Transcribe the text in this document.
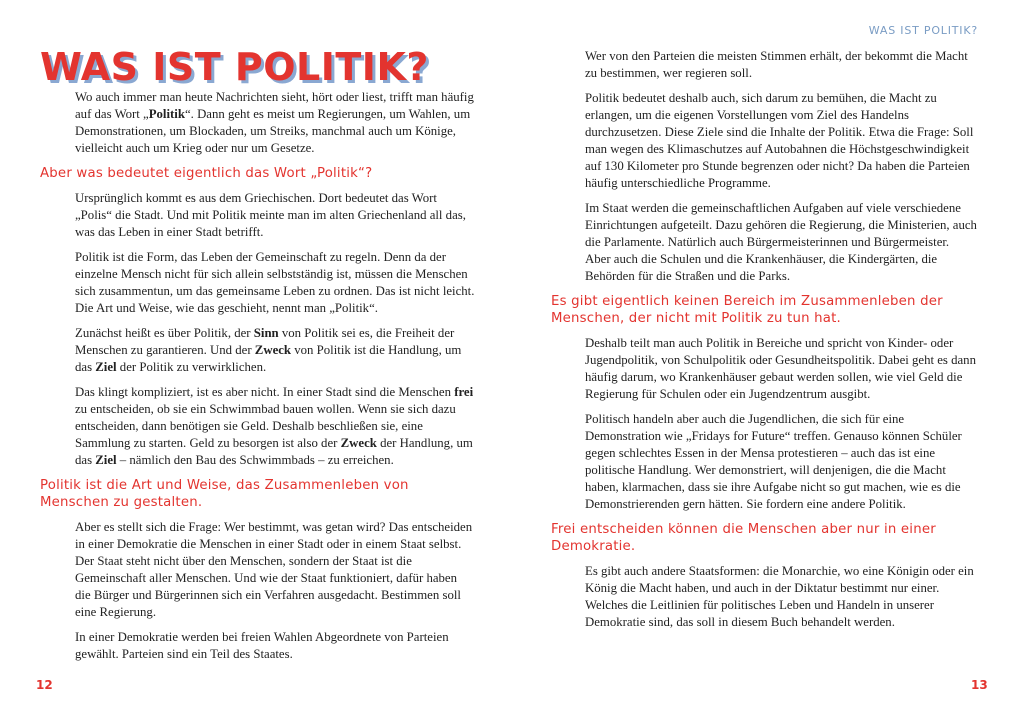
WAS IST POLITIK?

Wo auch immer man heute Nachrichten sieht, hört oder liest, trifft man häufig auf das Wort „Politik“. Dann geht es meist um Regierungen, um Wahlen, um Demonstrationen, um Blockaden, um Streiks, manchmal auch um Könige, vielleicht auch um Krieg oder nur um Gesetze.

Aber was bedeutet eigentlich das Wort „Politik“?

Ursprünglich kommt es aus dem Griechischen. Dort bedeutet das Wort „Polis“ die Stadt. Und mit Politik meinte man im alten Griechenland all das, was das Leben in einer Stadt betrifft.

Politik ist die Form, das Leben der Gemeinschaft zu regeln. Denn da der einzelne Mensch nicht für sich allein selbstständig ist, müssen die Menschen sich zusammentun, um das gemeinsame Leben zu ordnen. Das ist nicht leicht. Die Art und Weise, wie das geschieht, nennt man „Politik“.

Zunächst heißt es über Politik, der Sinn von Politik sei es, die Freiheit der Menschen zu garantieren. Und der Zweck von Politik ist die Handlung, um das Ziel der Politik zu verwirklichen.

Das klingt kompliziert, ist es aber nicht. In einer Stadt sind die Menschen frei zu entscheiden, ob sie ein Schwimmbad bauen wollen. Wenn sie sich dazu entscheiden, dann benötigen sie Geld. Deshalb beschließen sie, eine Sammlung zu starten. Geld zu besorgen ist also der Zweck der Handlung, um das Ziel – nämlich den Bau des Schwimmbads – zu erreichen.

Politik ist die Art und Weise, das Zusammenleben von Menschen zu gestalten.

Aber es stellt sich die Frage: Wer bestimmt, was getan wird? Das entscheiden in einer Demokratie die Menschen in einer Stadt oder in einem Staat selbst. Der Staat steht nicht über den Menschen, sondern der Staat ist die Gemeinschaft aller Menschen. Und wie der Staat funktioniert, dafür haben die Bürger und Bürgerinnen sich ein Verfahren ausgedacht. Bestimmen soll eine Regierung.

In einer Demokratie werden bei freien Wahlen Abgeordnete von Parteien gewählt. Parteien sind ein Teil des Staates.

12
WAS IST POLITIK?
13

Wer von den Parteien die meisten Stimmen erhält, der bekommt die Macht zu bestimmen, wer regieren soll.

Politik bedeutet deshalb auch, sich darum zu bemühen, die Macht zu erlangen, um die eigenen Vorstellungen vom Ziel des Handelns durchzusetzen. Diese Ziele sind die Inhalte der Politik. Etwa die Frage: Soll man wegen des Klimaschutzes auf Autobahnen die Höchstgeschwindigkeit auf 130 Kilometer pro Stunde begrenzen oder nicht? Da haben die Parteien häufig unterschiedliche Programme.

Im Staat werden die gemeinschaftlichen Aufgaben auf viele verschiedene Einrichtungen aufgeteilt. Dazu gehören die Regierung, die Ministerien, auch die Parlamente. Natürlich auch Bürgermeisterinnen und Bürgermeister. Aber auch die Schulen und die Krankenhäuser, die Kindergärten, die Behörden für die Straßen und die Parks.

Es gibt eigentlich keinen Bereich im Zusammenleben der Menschen, der nicht mit Politik zu tun hat.

Deshalb teilt man auch Politik in Bereiche und spricht von Kinder- oder Jugendpolitik, von Schulpolitik oder Gesundheitspolitik. Dabei geht es dann häufig darum, wo Krankenhäuser gebaut werden sollen, wie viel Geld die Regierung für Schulen oder ein Jugendzentrum ausgibt.

Politisch handeln aber auch die Jugendlichen, die sich für eine Demonstration wie „Fridays for Future“ treffen. Genauso können Schüler gegen schlechtes Essen in der Mensa protestieren – auch das ist eine politische Handlung. Wer demonstriert, will denjenigen, die die Macht haben, klarmachen, dass sie ihre Aufgabe nicht so gut machen, wie es die Demonstrierenden gern hätten. Sie fordern eine andere Politik.

Frei entscheiden können die Menschen aber nur in einer Demokratie.

Es gibt auch andere Staatsformen: die Monarchie, wo eine Königin oder ein König die Macht haben, und auch in der Diktatur bestimmt nur einer. Welches die Leitlinien für politisches Leben und Handeln in unserer Demokratie sind, das soll in diesem Buch behandelt werden.
